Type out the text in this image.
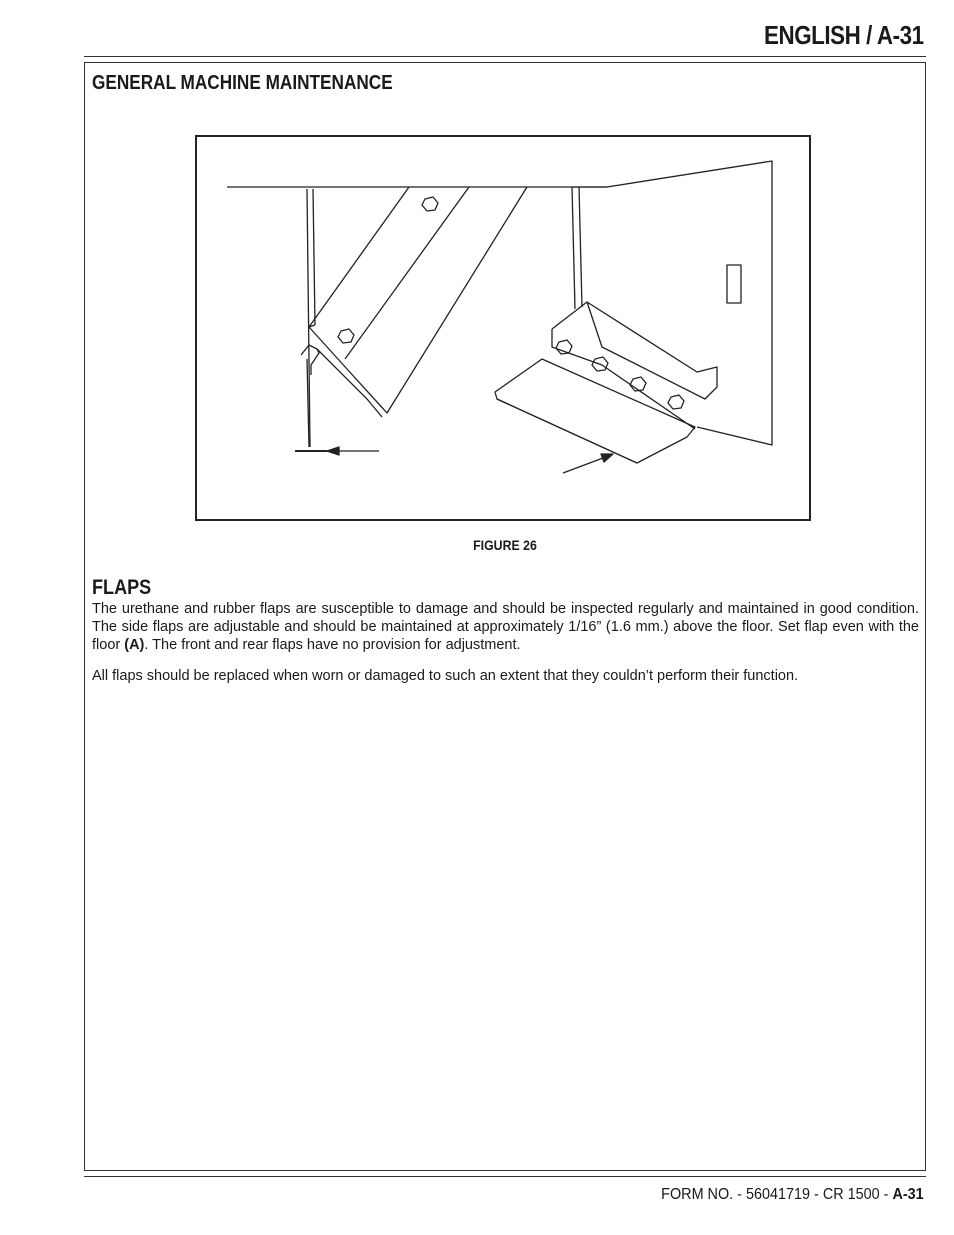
ENGLISH / A-31
GENERAL MACHINE MAINTENANCE
FIGURE 26
FLAPS

The urethane and rubber flaps are susceptible to damage and should be inspected regularly and maintained in good condition. The side flaps are adjustable and should be maintained at approximately 1/16” (1.6 mm.) above the floor. Set flap even with the floor (A). The front and rear flaps have no provision for adjustment.

All flaps should be replaced when worn or damaged to such an extent that they couldn’t perform their function.

FORM NO. - 56041719 - CR 1500 - A-31
